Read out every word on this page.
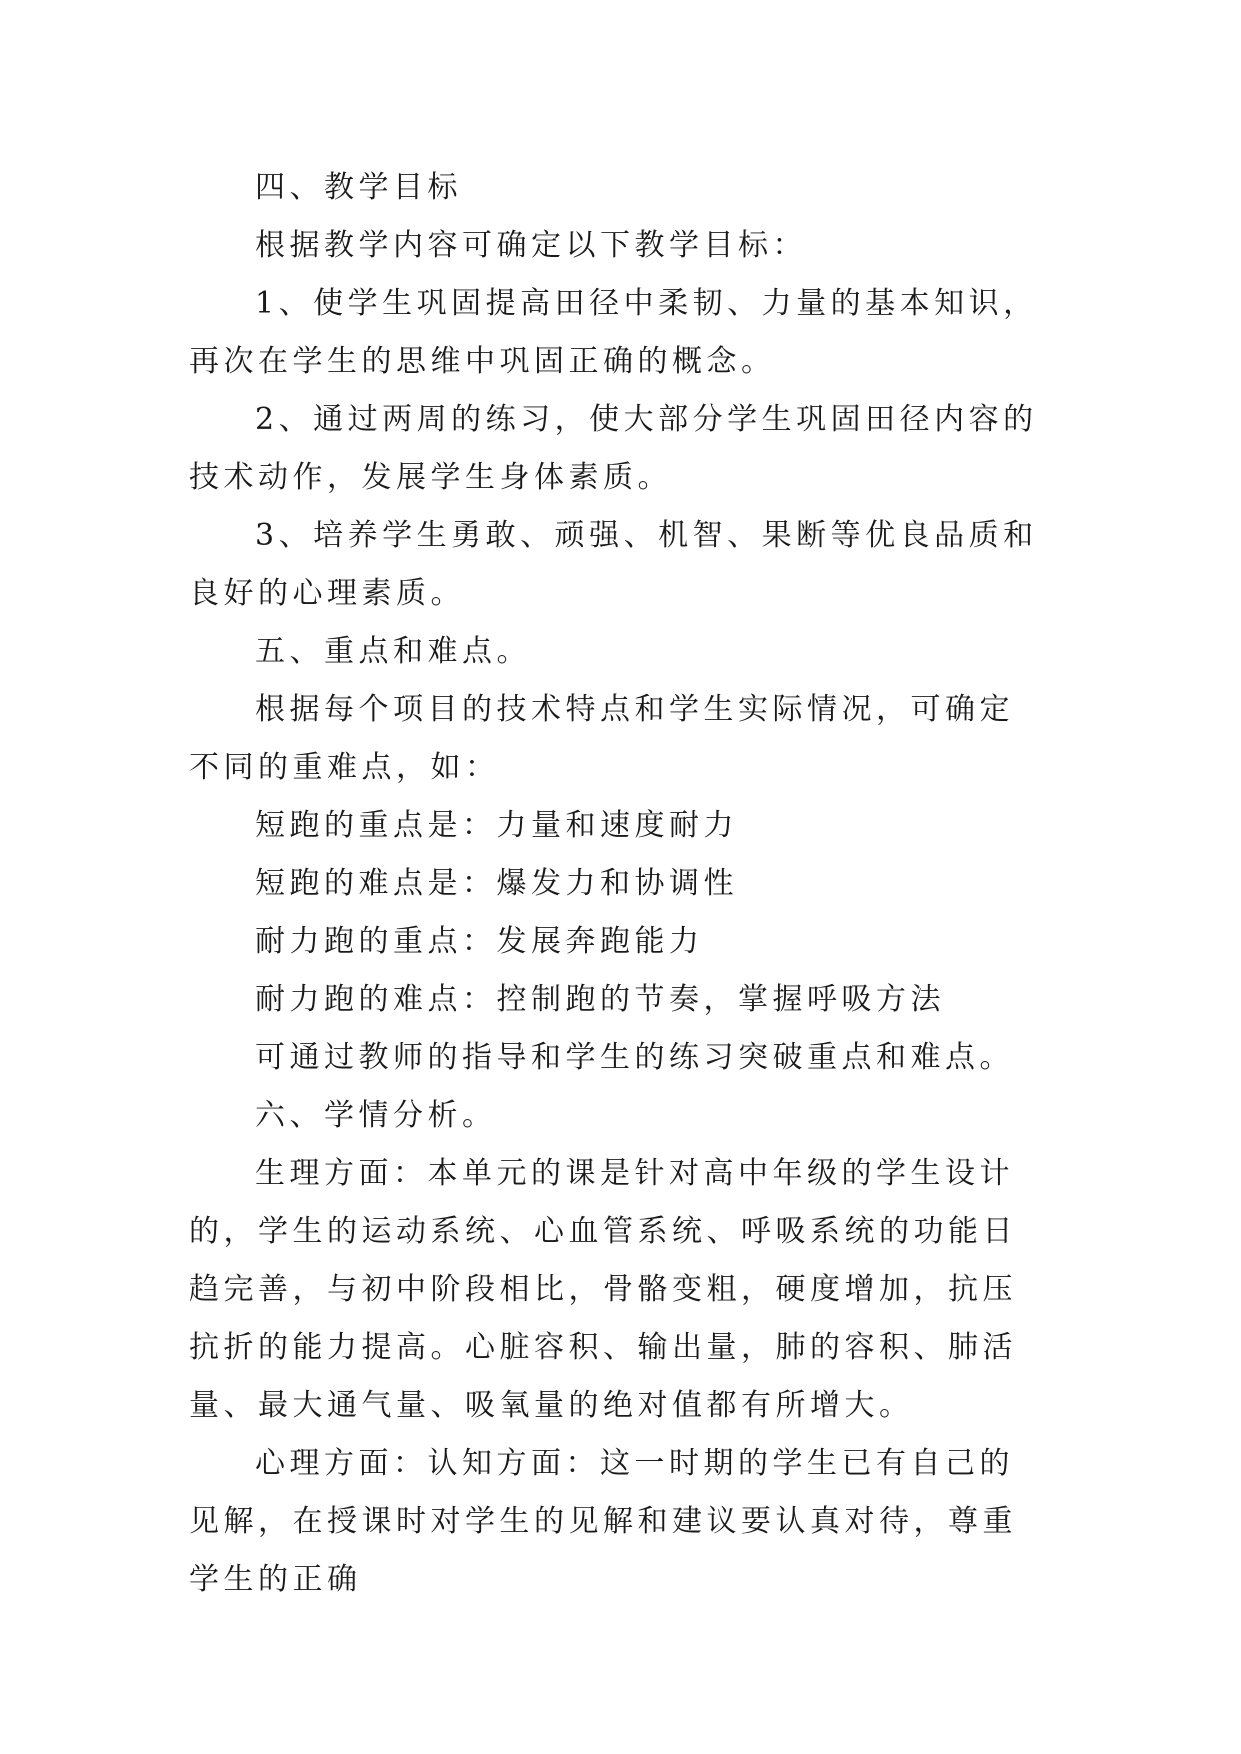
四、教学目标

根据教学内容可确定以下教学目标：

1、使学生巩固提高田径中柔韧、力量的基本知识，再次在学生的思维中巩固正确的概念。

2、通过两周的练习，使大部分学生巩固田径内容的技术动作，发展学生身体素质。

3、培养学生勇敢、顽强、机智、果断等优良品质和良好的心理素质。

五、重点和难点。

根据每个项目的技术特点和学生实际情况，可确定不同的重难点，如：

短跑的重点是：力量和速度耐力

短跑的难点是：爆发力和协调性

耐力跑的重点：发展奔跑能力

耐力跑的难点：控制跑的节奏，掌握呼吸方法

可通过教师的指导和学生的练习突破重点和难点。

六、学情分析。

生理方面：本单元的课是针对高中年级的学生设计的，学生的运动系统、心血管系统、呼吸系统的功能日趋完善，与初中阶段相比，骨骼变粗，硬度增加，抗压抗折的能力提高。心脏容积、输出量，肺的容积、肺活量、最大通气量、吸氧量的绝对值都有所增大。

心理方面：认知方面：这一时期的学生已有自己的见解，在授课时对学生的见解和建议要认真对待，尊重学生的正确
